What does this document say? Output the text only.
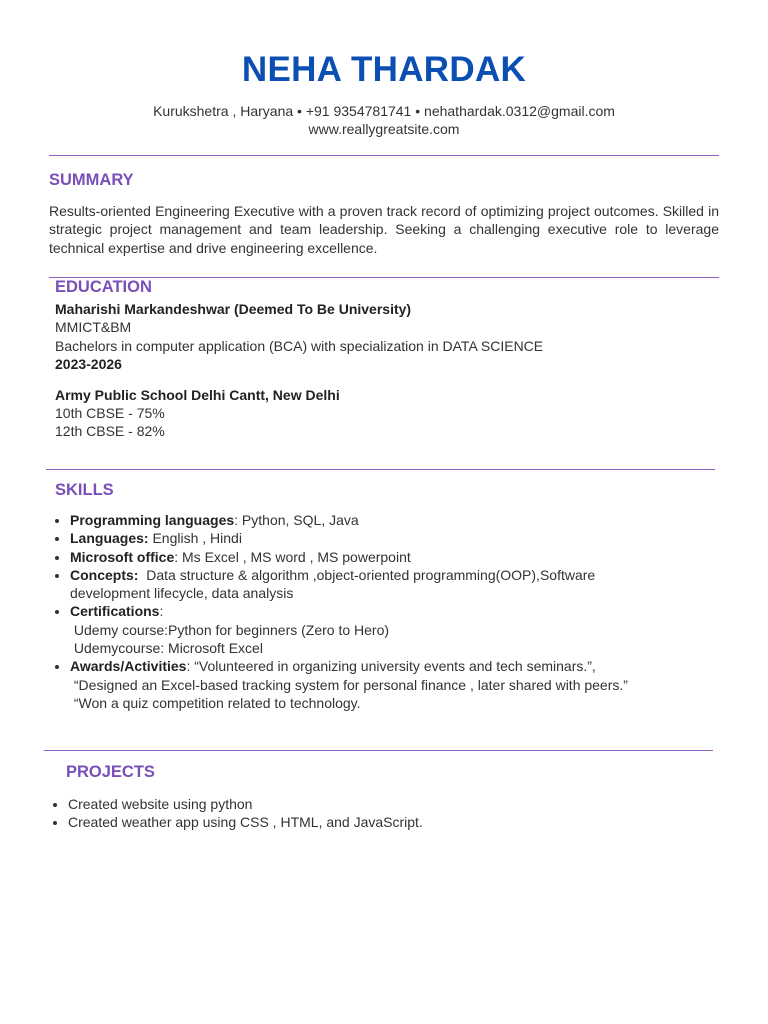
NEHA THARDAK
Kurukshetra , Haryana • +91 9354781741 • nehathardak.0312@gmail.com
www.reallygreatsite.com
SUMMARY
Results-oriented Engineering Executive with a proven track record of optimizing project outcomes. Skilled in strategic project management and team leadership. Seeking a challenging executive role to leverage technical expertise and drive engineering excellence.
EDUCATION
Maharishi Markandeshwar (Deemed To Be University)
MMICT&BM
Bachelors in computer application (BCA) with specialization in DATA SCIENCE
2023-2026
Army Public School Delhi Cantt, New Delhi
10th CBSE - 75%
12th CBSE - 82%
SKILLS
• Programming languages: Python, SQL, Java
• Languages: English , Hindi
• Microsoft office: Ms Excel , MS word , MS powerpoint
• Concepts:  Data structure & algorithm ,object-oriented programming(OOP),Software
development lifecycle, data analysis
• Certifications:
Udemy course:Python for beginners (Zero to Hero)
Udemycourse: Microsoft Excel
• Awards/Activities: “Volunteered in organizing university events and tech seminars.”,
“Designed an Excel-based tracking system for personal finance , later shared with peers.”
“Won a quiz competition related to technology.
PROJECTS
• Created website using python
• Created weather app using CSS , HTML, and JavaScript.
